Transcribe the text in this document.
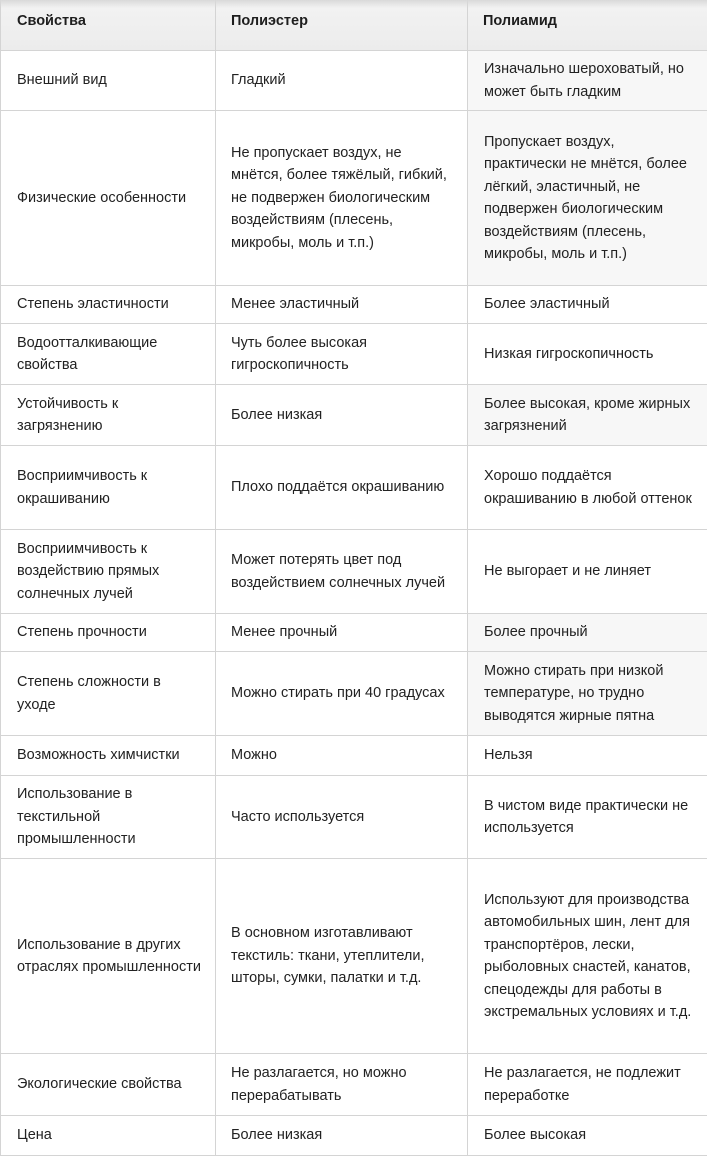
Свойства	Полиэстер	Полиамид
Внешний вид	Гладкий	Изначально шероховатый, но может быть гладким
Физические особенности	Не пропускает воздух, не мнётся, более тяжёлый, гибкий, не подвержен биологическим воздействиям (плесень, микробы, моль и т.п.)	Пропускает воздух, практически не мнётся, более лёгкий, эластичный, не подвержен биологическим воздействиям (плесень, микробы, моль и т.п.)
Степень эластичности	Менее эластичный	Более эластичный
Водоотталкивающие свойства	Чуть более высокая гигроскопичность	Низкая гигроскопичность
Устойчивость к загрязнению	Более низкая	Более высокая, кроме жирных загрязнений
Восприимчивость к окрашиванию	Плохо поддаётся окрашиванию	Хорошо поддаётся окрашиванию в любой оттенок
Восприимчивость к воздействию прямых солнечных лучей	Может потерять цвет под воздействием солнечных лучей	Не выгорает и не линяет
Степень прочности	Менее прочный	Более прочный
Степень сложности в уходе	Можно стирать при 40 градусах	Можно стирать при низкой температуре, но трудно выводятся жирные пятна
Возможность химчистки	Можно	Нельзя
Использование в текстильной промышленности	Часто используется	В чистом виде практически не используется
Использование в других отраслях промышленности	В основном изготавливают текстиль: ткани, утеплители, шторы, сумки, палатки и т.д.	Используют для производства автомобильных шин, лент для транспортёров, лески, рыболовных снастей, канатов, спецодежды для работы в экстремальных условиях и т.д.
Экологические свойства	Не разлагается, но можно перерабатывать	Не разлагается, не подлежит переработке
Цена	Более низкая	Более высокая
